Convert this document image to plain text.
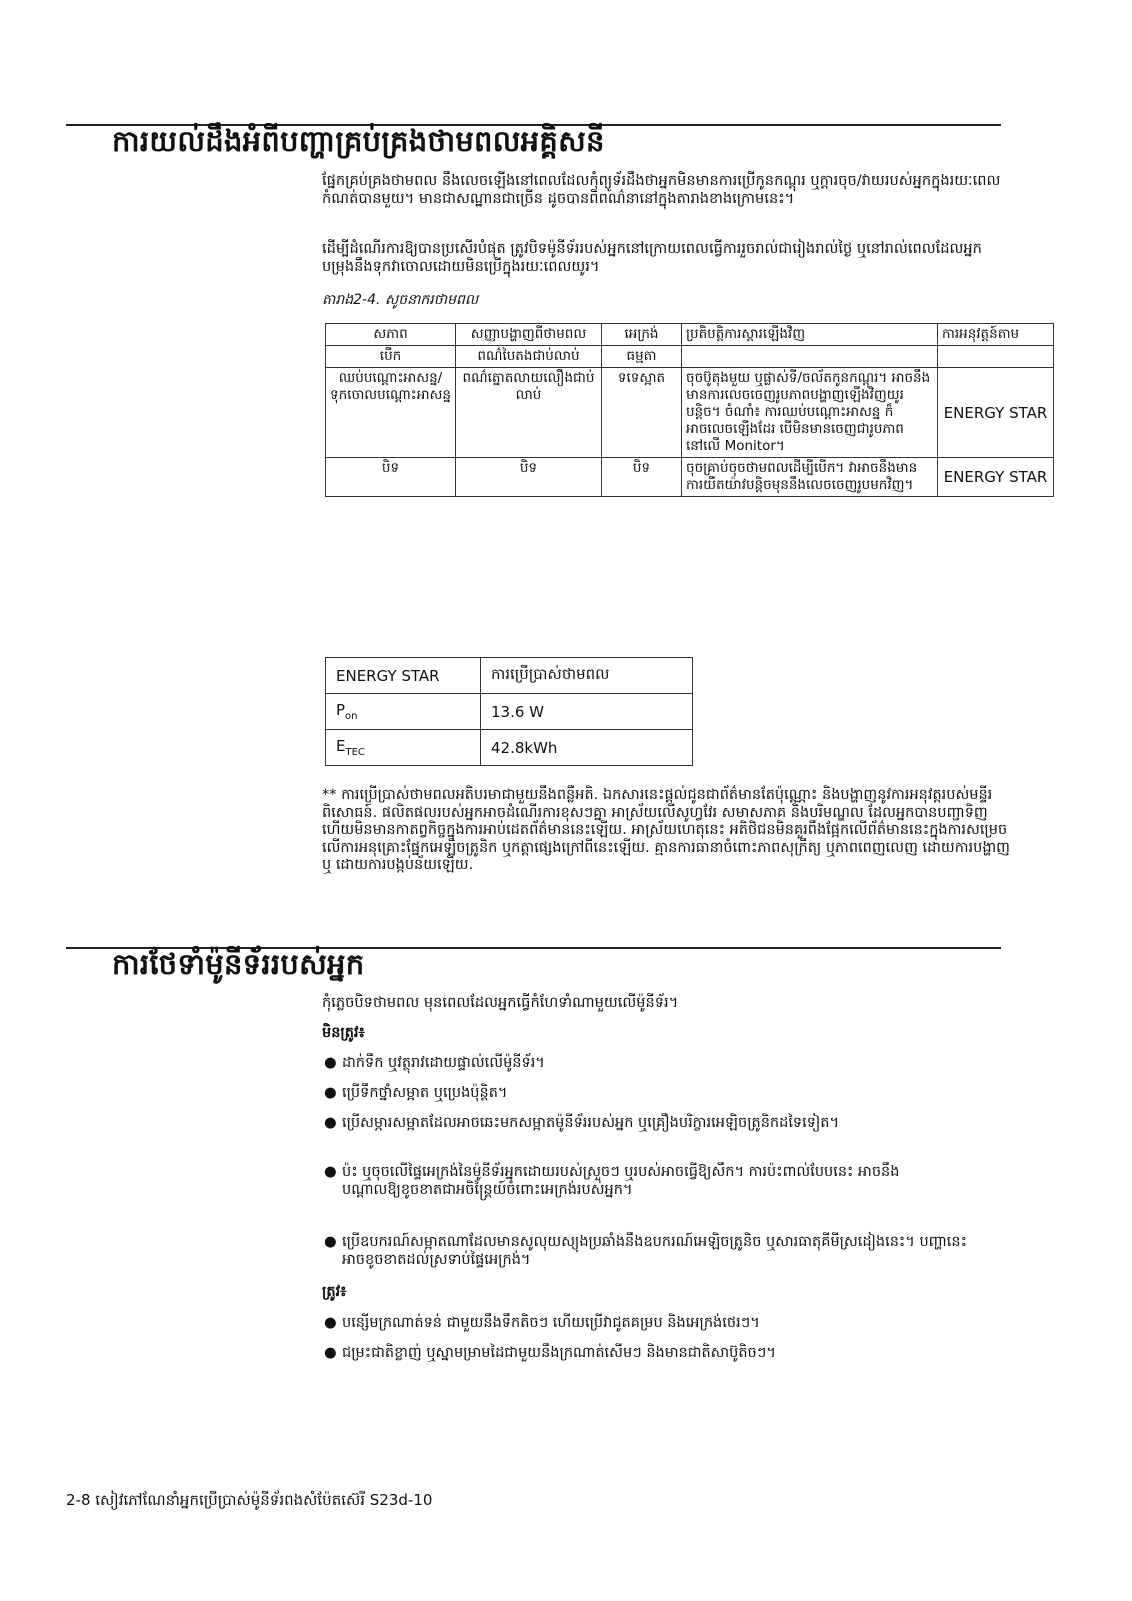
ការយល់ដឹងអំពីបញ្ហាគ្រប់គ្រងថាមពលអគ្គិសនី

ផ្នែកគ្រប់គ្រងថាមពល នឹងលេចឡើងនៅពេលដែលកុំព្យូទ័រដឹងថាអ្នកមិនមានការប្រើកូនកណ្តុរ ឬក្តារចុច/វាយរបស់អ្នកក្នុងរយៈពេលកំណត់បានមួយ។ មានជាសណ្ឋានជាច្រើន ដូចបានពិពណ៌នានៅក្នុងតារាងខាងក្រោមនេះ។

ដើម្បីដំណើរការឱ្យបានប្រសើរបំផុត ត្រូវបិទម៉ូនីទ័ររបស់អ្នកនៅក្រោយពេលធ្វើការរួចរាល់ជារៀងរាល់ថ្ងៃ ឬនៅរាល់ពេលដែលអ្នកបម្រុងនឹងទុកវាចោលដោយមិនប្រើក្នុងរយៈពេលយូរ។

តារាង2-4. សូចនាករថាមពល
សភាព	សញ្ញាបង្ហាញពីថាមពល	អេក្រង់	ប្រតិបត្តិការស្តារឡើងវិញ	ការអនុវត្តន៍តាម
បើក	ពណ៌បៃតងជាប់លាប់	ធម្មតា		
ឈប់បណ្តោះអាសន្ន/ ទុកចោលបណ្តោះអាសន្ន	ពណ៌ត្នោតលាយលឿងជាប់លាប់	ទទេស្អាត	ចុចប៊ូតុងមួយ ឬផ្លាស់ទី/ចល័តកូនកណ្តុរ។ អាចនឹងមានការលេចចេញរូបភាពបង្ហាញឡើងវិញយូរបន្តិច។ ចំណាំ៖ ការឈប់បណ្តោះអាសន្ន ក៏អាចលេចឡើងដែរ បើមិនមានចេញជារូបភាពនៅលើ Monitor។	ENERGY STAR
បិទ	បិទ	បិទ	ចុចគ្រាប់ចុចថាមពលដើម្បីបើក។ វាអាចនឹងមានការយឺតយ៉ាវបន្តិចមុននឹងលេចចេញរូបមកវិញ។	ENERGY STAR
ENERGY STAR	ការប្រើប្រាស់ថាមពល
$P_{on}$	13.6 W
$E_{TEC}$	42.8kWh

** ការប្រើប្រាស់ថាមពលអតិបរមាជាមួយនឹងពន្លឺអតិ. ឯកសារនេះផ្តល់ជូនជាព័ត៌មានតែប៉ុណ្ណោះ និងបង្ហាញនូវការអនុវត្តរបស់មន្ទីរពិសោធន៍. ផលិតផលរបស់អ្នកអាចដំណើរការខុសៗគ្នា អាស្រ័យលើសូហ្វវែរ សមាសភាគ និងបរិមណ្ឌល ដែលអ្នកបានបញ្ជាទិញ ហើយមិនមានកាតព្វកិច្ចក្នុងការអាប់ដេតព័ត៌មាននេះឡើយ. អាស្រ័យហេតុនេះ អតិថិជនមិនគួរពឹងផ្អែកលើព័ត៌មាននេះក្នុងការសម្រេចលើការអនុគ្រោះផ្នែកអេឡិចត្រូនិក ឬកត្តាផ្សេងក្រៅពីនេះឡើយ. គ្មានការធានាចំពោះភាពសុក្រឹត្យ ឬភាពពេញលេញ ដោយការបង្ហាញ ឬ ដោយការបង្កប់ន័យឡើយ.

ការថែទាំម៉ូនីទ័ររបស់អ្នក

កុំភ្លេចបិទថាមពល មុនពេលដែលអ្នកធ្វើកំហែទាំណាមួយលើម៉ូនីទ័រ។

មិនត្រូវ៖
● ដាក់ទឹក ឬវត្ថុរាវដោយផ្ទាល់លើម៉ូនីទ័រ។
● ប្រើទឹកថ្នាំសម្អាត ឬប្រេងប៉ុន្តិត។
● ប្រើសម្ភារសម្អាតដែលអាចឆេះមកសម្អាតម៉ូនីទ័ររបស់អ្នក ឬគ្រឿងបរិក្ខារអេឡិចត្រូនិកដទៃទៀត។
● ប៉ះ ឬចុចលើផ្ទៃអេក្រង់នៃម៉ូនីទ័រអ្នកដោយរបស់ស្រួចៗ ឬរបស់អាចធ្វើឱ្យសឹក។ ការប៉ះពាល់បែបនេះ អាចនឹងបណ្តាលឱ្យខូចខាតជាអចិន្ត្រៃយ៍ចំពោះអេក្រង់របស់អ្នក។
● ប្រើឧបករណ៍សម្អាតណាដែលមានសូលុយស្យុងប្រឆាំងនឹងឧបករណ៍អេឡិចត្រូនិច ឬសារធាតុគីមីស្រដៀងនេះ។ បញ្ហានេះ អាចខូចខាតដល់ស្រទាប់ផ្ទៃអេក្រង់។
ត្រូវ៖
● បន្សើមក្រណាត់ទន់ ជាមួយនឹងទឹកតិចៗ ហើយប្រើវាជូតគម្រប និងអេក្រង់ថេរៗ។
● ជម្រះជាតិខ្លាញ់ ឬស្នាមម្រាមដៃជាមួយនឹងក្រណាត់សើមៗ និងមានជាតិសាប៊ូតិចៗ។
2-8 សៀវភៅណែនាំអ្នកប្រើប្រាស់ម៉ូនីទ័រពងសំប៉ែតស៊េរី S23d-10
